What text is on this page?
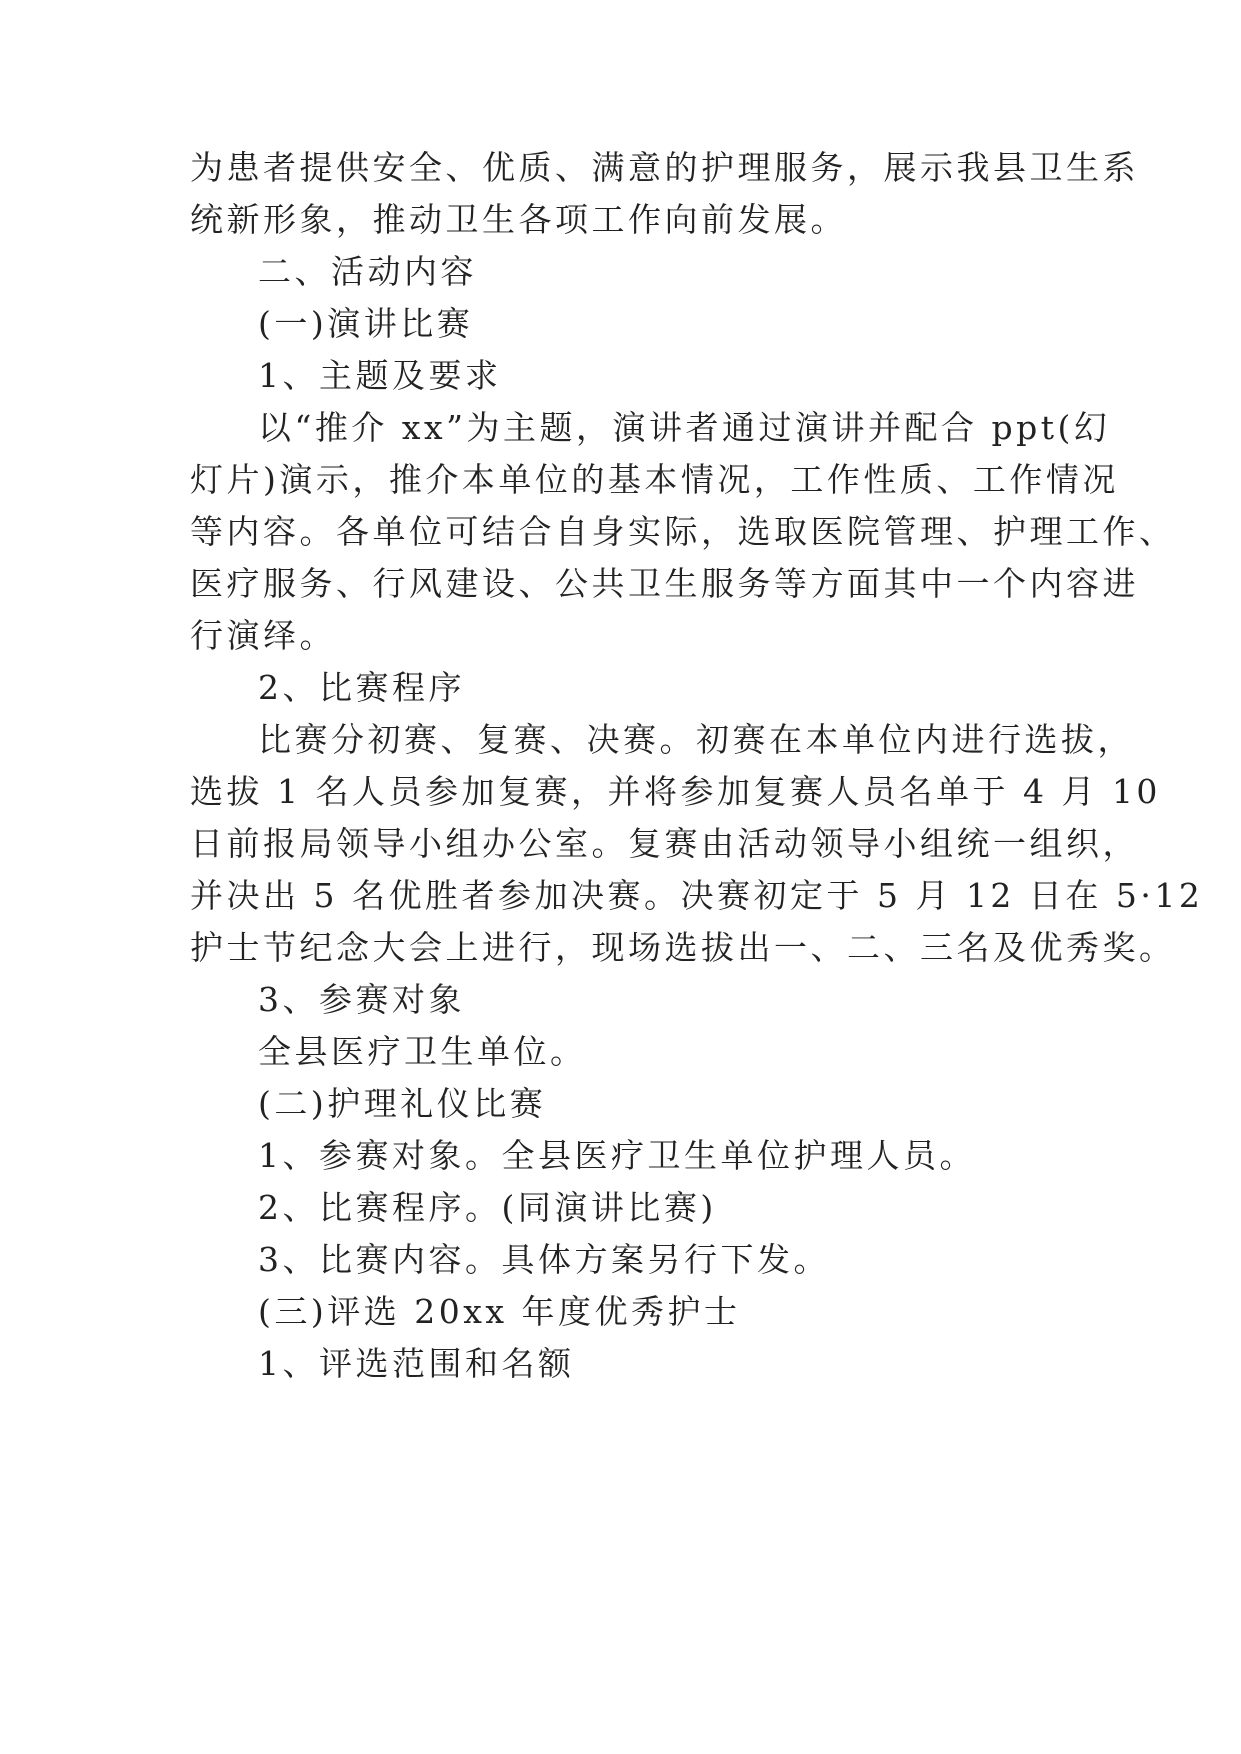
为患者提供安全、优质、满意的护理服务，展示我县卫生系
统新形象，推动卫生各项工作向前发展。
二、活动内容
(一)演讲比赛
1、主题及要求
以“推介 xx”为主题，演讲者通过演讲并配合 ppt(幻
灯片)演示，推介本单位的基本情况，工作性质、工作情况
等内容。各单位可结合自身实际，选取医院管理、护理工作、
医疗服务、行风建设、公共卫生服务等方面其中一个内容进
行演绎。
2、比赛程序
比赛分初赛、复赛、决赛。初赛在本单位内进行选拔，
选拔 1 名人员参加复赛，并将参加复赛人员名单于 4 月 10
日前报局领导小组办公室。复赛由活动领导小组统一组织，
并决出 5 名优胜者参加决赛。决赛初定于 5 月 12 日在 5·12
护士节纪念大会上进行，现场选拔出一、二、三名及优秀奖。
3、参赛对象
全县医疗卫生单位。
(二)护理礼仪比赛
1、参赛对象。全县医疗卫生单位护理人员。
2、比赛程序。(同演讲比赛)
3、比赛内容。具体方案另行下发。
(三)评选 20xx 年度优秀护士
1、评选范围和名额
